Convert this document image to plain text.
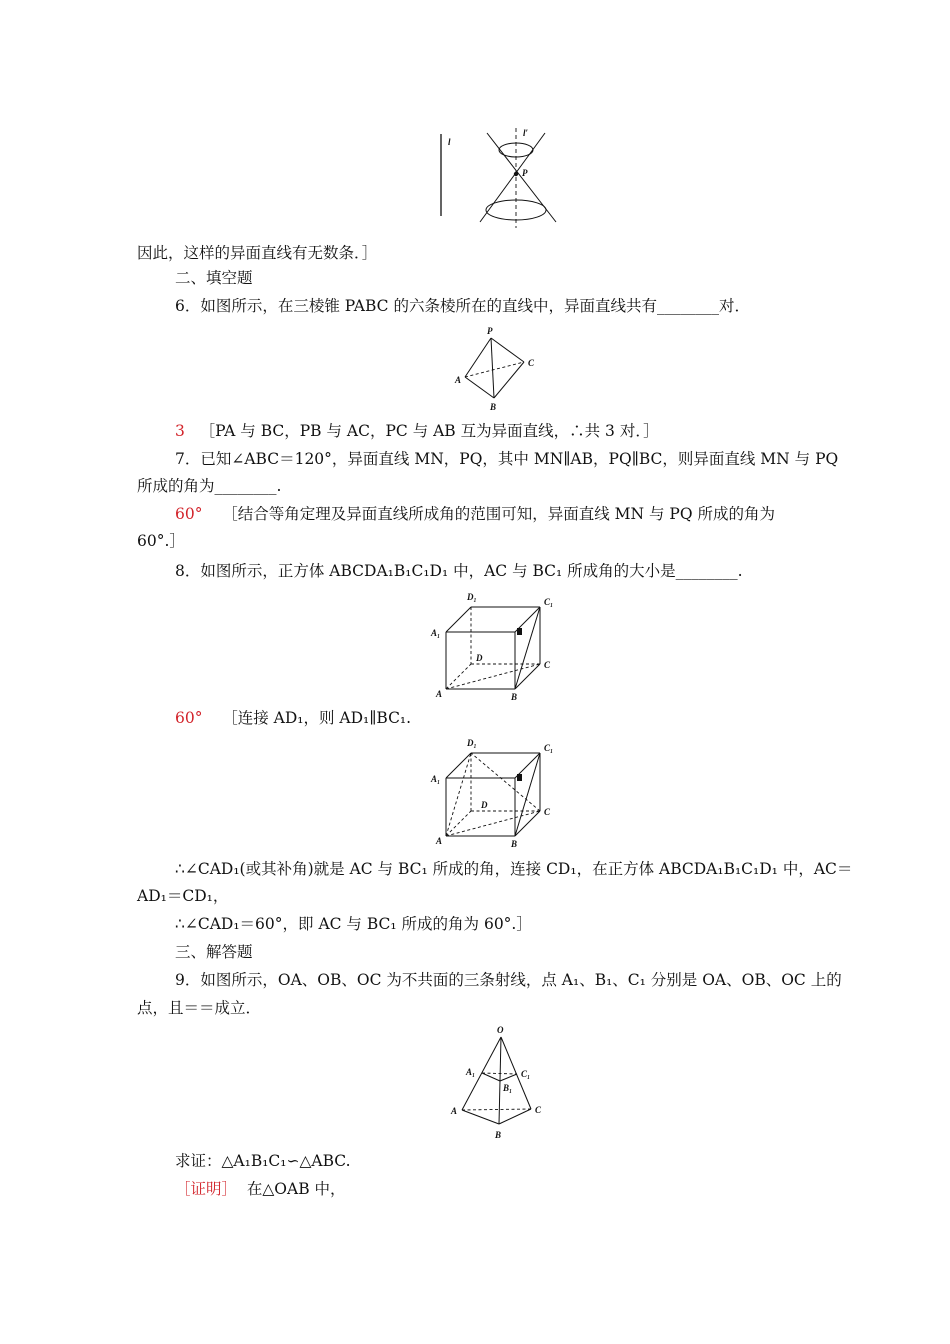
l
l′
P
因此，这样的异面直线有无数条．］
二、填空题
6．如图所示，在三棱锥 PABC 的六条棱所在的直线中，异面直线共有________对．
P
A
B
C
3 ［PA 与 BC，PB 与 AC，PC 与 AB 互为异面直线，∴共 3 对．］
7．已知∠ABC＝120°，异面直线 MN，PQ，其中 MN∥AB，PQ∥BC，则异面直线 MN 与 PQ
所成的角为________.
60° ［结合等角定理及异面直线所成角的范围可知，异面直线 MN 与 PQ 所成的角为
60°.］
8．如图所示，正方体 ABCDA₁B₁C₁D₁ 中，AC 与 BC₁ 所成角的大小是________.
D₁	C₁
A₁
D
C
A	B
60° ［连接 AD₁，则 AD₁∥BC₁.
D₁	C₁
A₁
D
C
A	B
∴∠CAD₁(或其补角)就是 AC 与 BC₁ 所成的角，连接 CD₁，在正方体 ABCDA₁B₁C₁D₁ 中，AC＝
AD₁＝CD₁，
∴∠CAD₁＝60°，即 AC 与 BC₁ 所成的角为 60°.］
三、解答题
9．如图所示，OA、OB、OC 为不共面的三条射线，点 A₁、B₁、C₁ 分别是 OA、OB、OC 上的
点，且＝＝成立．
O
A₁	C₁
B₁
A	C
B
求证：△A₁B₁C₁∽△ABC.
［证明］ 在△OAB 中，
